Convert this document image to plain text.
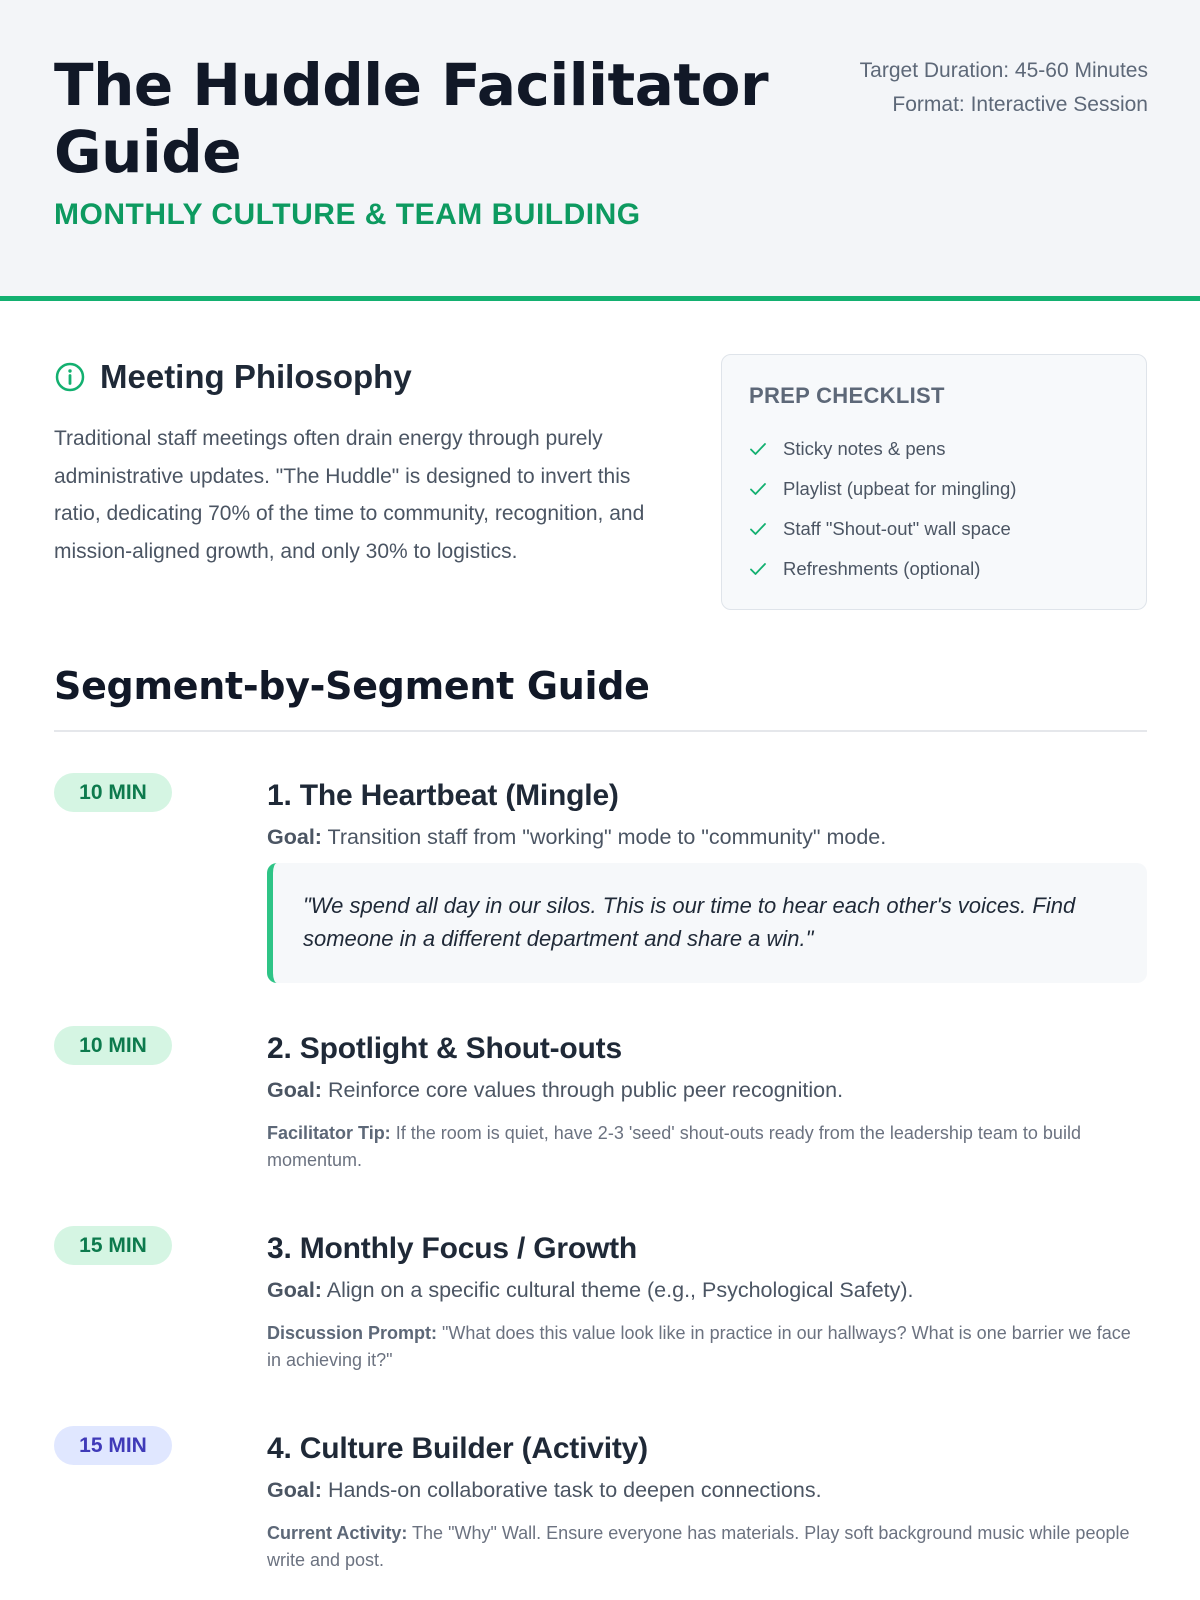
The Huddle Facilitator Guide
MONTHLY CULTURE & TEAM BUILDING
Target Duration: 45-60 Minutes
Format: Interactive Session
Meeting Philosophy

Traditional staff meetings often drain energy through purely administrative updates. "The Huddle" is designed to invert this ratio, dedicating 70% of the time to community, recognition, and mission-aligned growth, and only 30% to logistics.

PREP CHECKLIST
Sticky notes & pens
Playlist (upbeat for mingling)
Staff "Shout-out" wall space
Refreshments (optional)
Segment-by-Segment Guide
10 MIN	1. The Heartbeat (Mingle)

Goal: Transition staff from "working" mode to "community" mode.

"We spend all day in our silos. This is our time to hear each other's voices. Find someone in a different department and share a win."
10 MIN	2. Spotlight & Shout-outs

Goal: Reinforce core values through public peer recognition.

Facilitator Tip: If the room is quiet, have 2-3 'seed' shout-outs ready from the leadership team to build momentum.

15 MIN	3. Monthly Focus / Growth

Goal: Align on a specific cultural theme (e.g., Psychological Safety).

Discussion Prompt: "What does this value look like in practice in our hallways? What is one barrier we face in achieving it?"

15 MIN	4. Culture Builder (Activity)

Goal: Hands-on collaborative task to deepen connections.

Current Activity: The "Why" Wall. Ensure everyone has materials. Play soft background music while people write and post.
